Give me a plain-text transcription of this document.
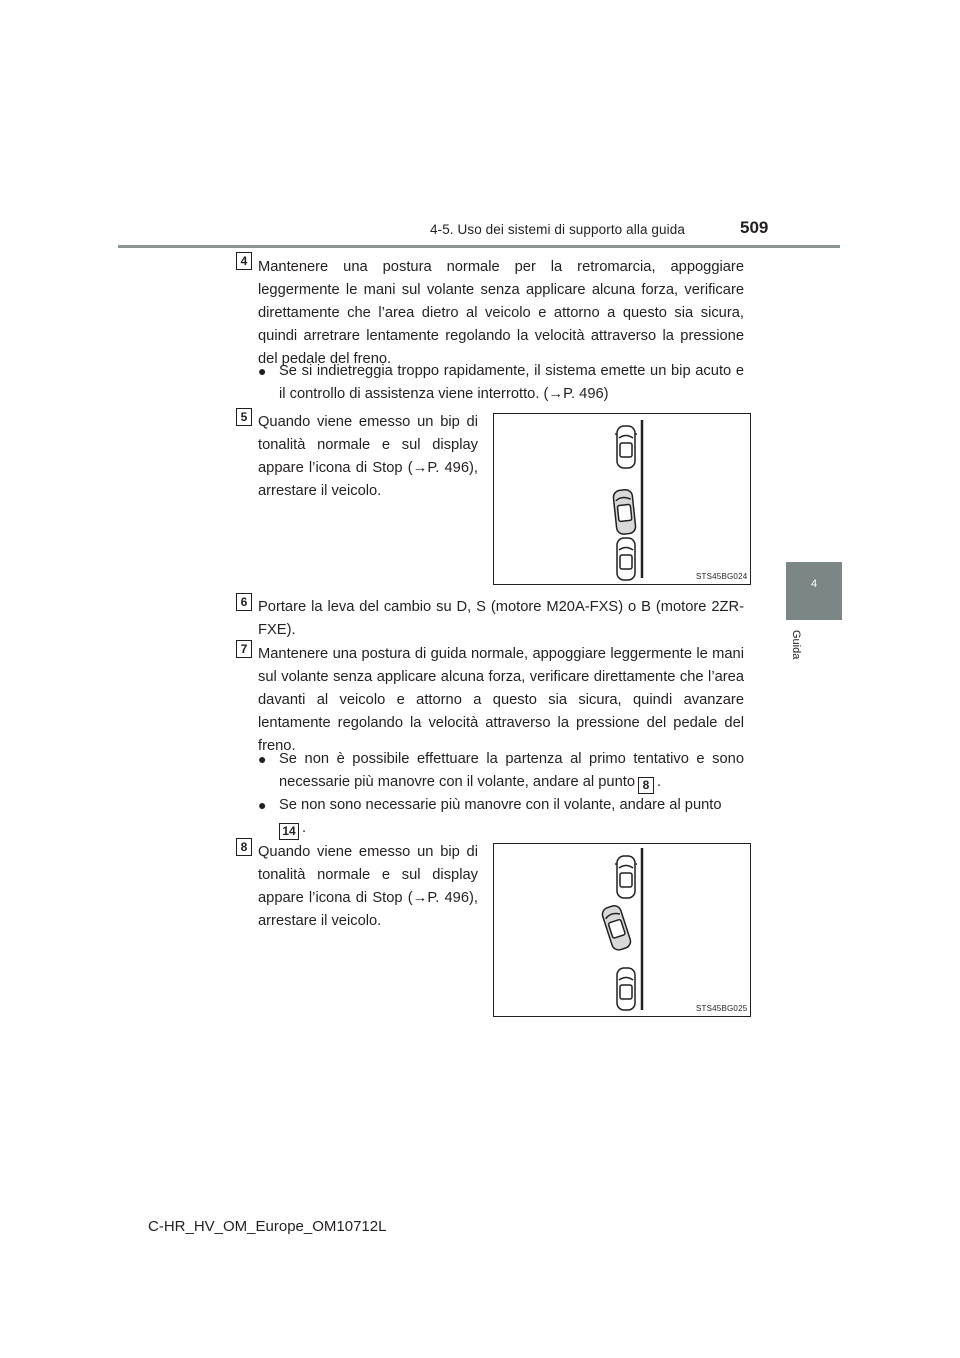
4-5. Uso dei sistemi di supporto alla guida	509
4
Guida
4 Mantenere una postura normale per la retromarcia, appoggiare leggermente le mani sul volante senza applicare alcuna forza, verificare direttamente che l’area dietro al veicolo e attorno a questo sia sicura, quindi arretrare lentamente regolando la velocità attraverso la pressione del pedale del freno.

● Se si indietreggia troppo rapidamente, il sistema emette un bip acuto e il controllo di assistenza viene interrotto. (→P. 496)

5 Quando viene emesso un bip di tonalità normale e sul display appare l’icona di Stop (→P. 496), arrestare il veicolo.

STS45BG024
6 Portare la leva del cambio su D, S (motore M20A-FXS) o B (motore 2ZR-FXE).

7 Mantenere una postura di guida normale, appoggiare leggermente le mani sul volante senza applicare alcuna forza, verificare direttamente che l’area davanti al veicolo e attorno a questo sia sicura, quindi avanzare lentamente regolando la velocità attraverso la pressione del pedale del freno.

● Se non è possibile effettuare la partenza al primo tentativo e sono necessarie più manovre con il volante, andare al punto 8 .

● Se non sono necessarie più manovre con il volante, andare al punto
14 .

8 Quando viene emesso un bip di tonalità normale e sul display appare l’icona di Stop (→P. 496), arrestare il veicolo.

STS45BG025
C-HR_HV_OM_Europe_OM10712L
